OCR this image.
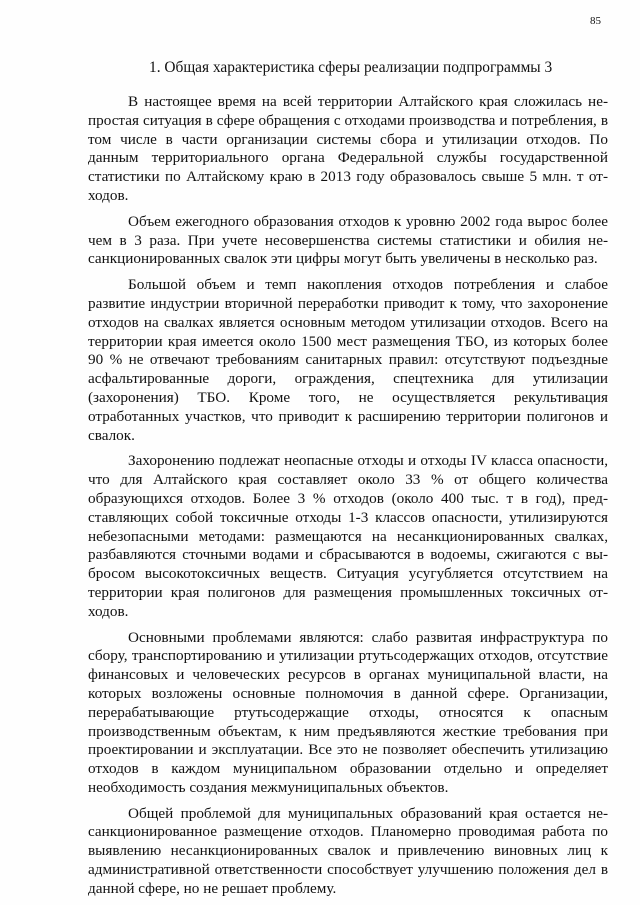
85
1. Общая характеристика сферы реализации подпрограммы 3

В настоящее время на всей территории Алтайского края сложилась непростая ситуация в сфере обращения с отходами производства и потребления, в том числе в части организации системы сбора и утилизации отходов. По данным территориального органа Федеральной службы государственной статистики по Алтайскому краю в 2013 году образовалось свыше 5 млн. т отходов.

Объем ежегодного образования отходов к уровню 2002 года вырос более чем в 3 раза. При учете несовершенства системы статистики и обилия несанкционированных свалок эти цифры могут быть увеличены в несколько раз.

Большой объем и темп накопления отходов потребления и слабое развитие индустрии вторичной переработки приводит к тому, что захоронение отходов на свалках является основным методом утилизации отходов. Всего на территории края имеется около 1500 мест размещения ТБО, из которых более 90 % не отвечают требованиям санитарных правил: отсутствуют подъездные асфальтированные дороги, ограждения, спецтехника для утилизации (захоронения) ТБО. Кроме того, не осуществляется рекультивация отработанных участков, что приводит к расширению территории полигонов и свалок.

Захоронению подлежат неопасные отходы и отходы IV класса опасности, что для Алтайского края составляет около 33 % от общего количества образующихся отходов. Более 3 % отходов (около 400 тыс. т в год), представляющих собой токсичные отходы 1-3 классов опасности, утилизируются небезопасными методами: размещаются на несанкционированных свалках, разбавляются сточными водами и сбрасываются в водоемы, сжигаются с выбросом высокотоксичных веществ. Ситуация усугубляется отсутствием на территории края полигонов для размещения промышленных токсичных отходов.

Основными проблемами являются: слабо развитая инфраструктура по сбору, транспортированию и утилизации ртутьсодержащих отходов, отсутствие финансовых и человеческих ресурсов в органах муниципальной власти, на которых возложены основные полномочия в данной сфере. Организации, перерабатывающие ртутьсодержащие отходы, относятся к опасным производственным объектам, к ним предъявляются жесткие требования при проектировании и эксплуатации. Все это не позволяет обеспечить утилизацию отходов в каждом муниципальном образовании отдельно и определяет необходимость создания межмуниципальных объектов.

Общей проблемой для муниципальных образований края остается несанкционированное размещение отходов. Планомерно проводимая работа по выявлению несанкционированных свалок и привлечению виновных лиц к административной ответственности способствует улучшению положения дел в данной сфере, но не решает проблему.
